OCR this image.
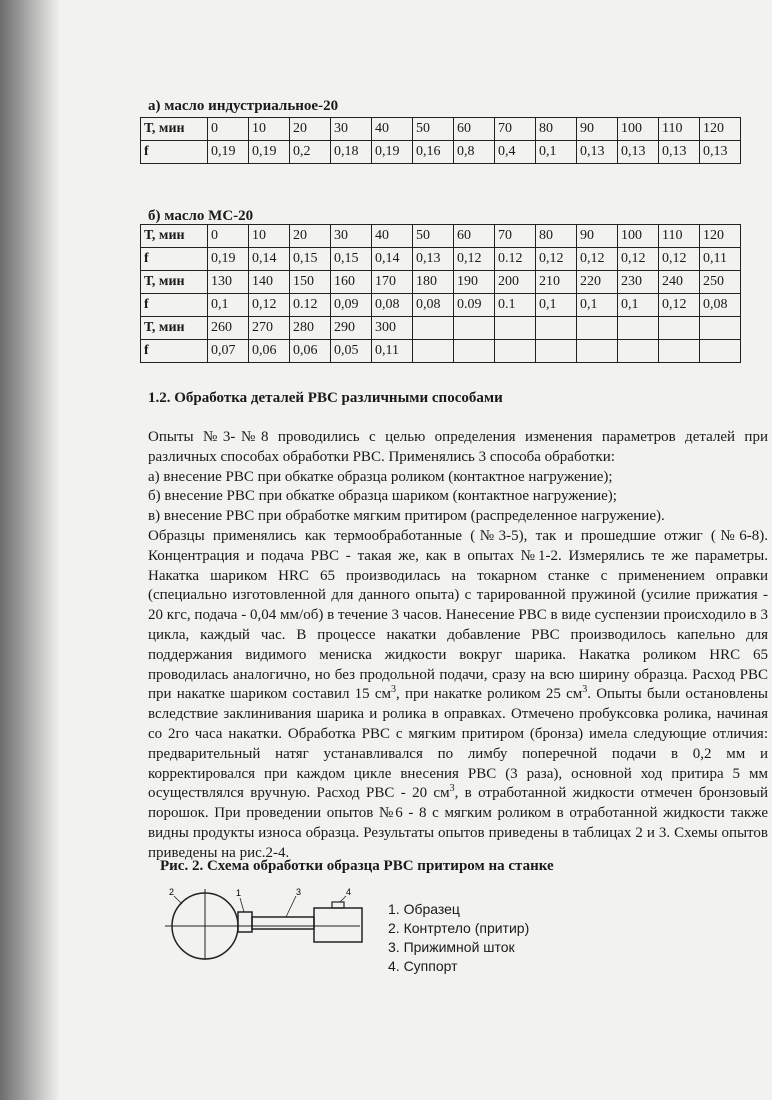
а) масло индустриальное-20
Т, мин	0	10	20	30	40	50	60	70	80	90	100	110	120
f	0,19	0,19	0,2	0,18	0,19	0,16	0,8	0,4	0,1	0,13	0,13	0,13	0,13
б) масло МС-20
Т, мин	0	10	20	30	40	50	60	70	80	90	100	110	120
f	0,19	0,14	0,15	0,15	0,14	0,13	0,12	0.12	0,12	0,12	0,12	0,12	0,11
Т, мин	130	140	150	160	170	180	190	200	210	220	230	240	250
f	0,1	0,12	0.12	0,09	0,08	0,08	0.09	0.1	0,1	0,1	0,1	0,12	0,08
Т, мин	260	270	280	290	300								
f	0,07	0,06	0,06	0,05	0,11								
1.2. Обработка деталей РВС различными способами

Опыты №3-№8 проводились с целью определения изменения параметров деталей при различных способах обработки РВС. Применялись 3 способа обработки:

а) внесение РВС при обкатке образца роликом (контактное нагружение);

б) внесение РВС при обкатке образца шариком (контактное нагружение);

в) внесение РВС при обработке мягким притиром (распределенное нагружение).

Образцы применялись как термообработанные (№3-5), так и прошедшие отжиг (№6-8). Концентрация и подача РВС - такая же, как в опытах №1-2. Измерялись те же параметры. Накатка шариком HRC 65 производилась на токарном станке с применением оправки (специально изготовленной для данного опыта) с тарированной пружиной (усилие прижатия - 20 кгс, подача - 0,04 мм/об) в течение 3 часов. Нанесение РВС в виде суспензии происходило в 3 цикла, каждый час. В процессе накатки добавление РВС производилось капельно для поддержания видимого мениска жидкости вокруг шарика. Накатка роликом HRC 65 проводилась аналогично, но без продольной подачи, сразу на всю ширину образца. Расход РВС при накатке шариком составил 15 $см^3$, при накатке роликом 25 $см^3$. Опыты были остановлены вследствие заклинивания шарика и ролика в оправках. Отмечено пробуксовка ролика, начиная со 2го часа накатки. Обработка РВС с мягким притиром (бронза) имела следующие отличия: предварительный натяг устанавливался по лимбу поперечной подачи в 0,2 мм и корректировался при каждом цикле внесения РВС (3 раза), основной ход притира 5 мм осуществлялся вручную. Расход РВС - 20 $см^3$, в отработанной жидкости отмечен бронзовый порошок. При проведении опытов №6 - 8 с мягким роликом в отработанной жидкости также видны продукты износа образца. Результаты опытов приведены в таблицах 2 и 3. Схемы опытов приведены на рис.2-4.

Рис. 2. Схема обработки образца РВС притиром на станке
2	1	3	4
1. Образец
2. Контртело (притир)
3. Прижимной шток
4. Суппорт
